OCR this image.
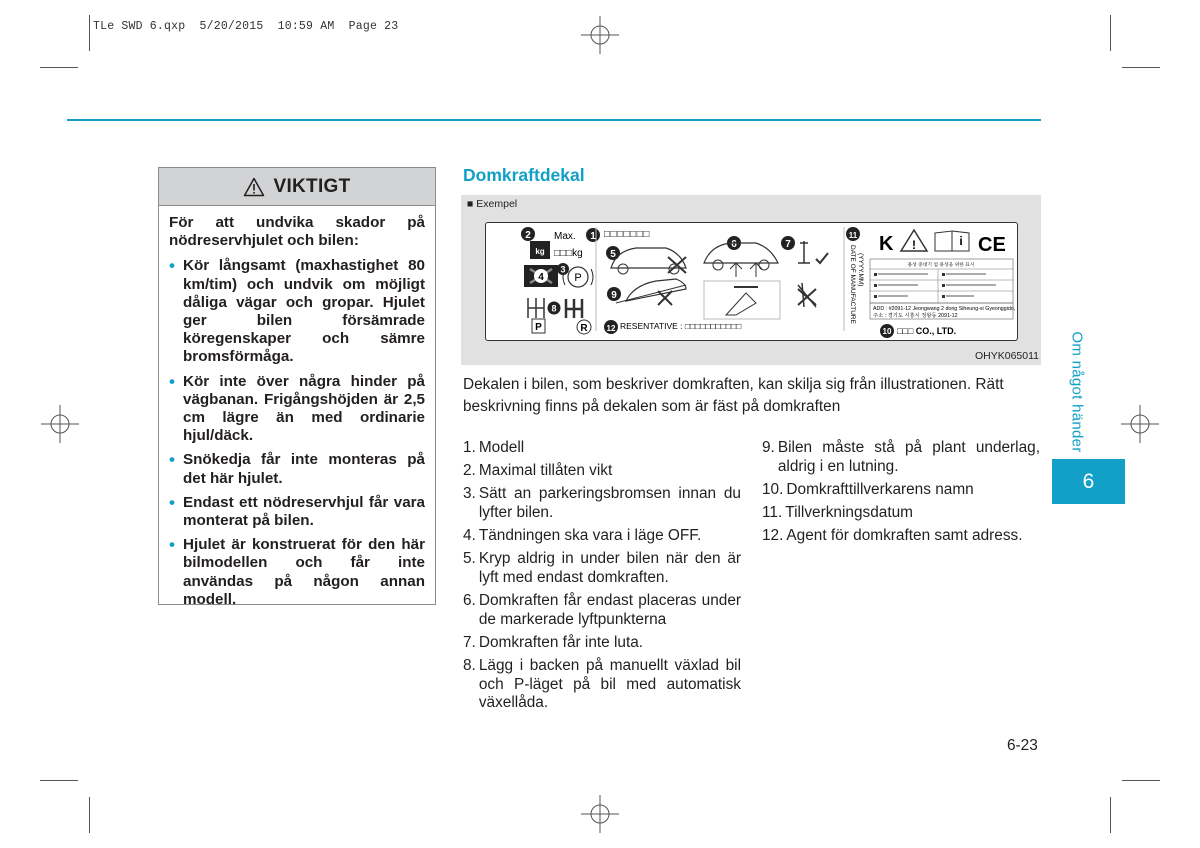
TLe SWD 6.qxp  5/20/2015  10:59 AM  Page 23
VIKTIGT
För att undvika skador på nödreservhjulet och bilen:
• Kör långsamt (maxhastighet 80 km/tim) och undvik om möjligt dåliga vägar och gropar. Hjulet ger bilen försämrade köregenskaper och sämre bromsförmåga.
• Kör inte över några hinder på vägbanan. Frigångshöjden är 2,5 cm lägre än med ordinarie hjul/däck.
• Snökedja får inte monteras på det här hjulet.
• Endast ett nödreservhjul får vara monterat på bilen.
• Hjulet är konstruerat för den här bilmodellen och får inte användas på någon annan modell.
Domkraftdekal
■ Exempel
OHYK065011
2 Max. 1 □□□□□□□
kg □□□kg
4	P
3
8
P	R
5
9
6	7
12 RESENTATIVE : □□□□□□□□□□□
11
DATE OF MANUFACTURE (YYYY.MM)
K !	i CE
용성 중대기 업 용성을 위한 표시
ADD : #2091-12 Jeongwang 2 dong Siheung-si Gyeonggido,
주소 : 경기도 시흥시 정왕동 2091-12
10 □□□ CO., LTD.
Dekalen i bilen, som beskriver domkraften, kan skilja sig från illustrationen. Rätt beskrivning finns på dekalen som är fäst på domkraften
1. Modell
2. Maximal tillåten vikt
3. Sätt an parkeringsbromsen innan du lyfter bilen.
4. Tändningen ska vara i läge OFF.
5. Kryp aldrig in under bilen när den är lyft med endast domkraften.
6. Domkraften får endast placeras under de markerade lyftpunkterna
7. Domkraften får inte luta.
8. Lägg i backen på manuellt växlad bil och P-läget på bil med automatisk växellåda.
9. Bilen måste stå på plant underlag, aldrig i en lutning.
10. Domkrafttillverkarens namn
11. Tillverkningsdatum
12. Agent för domkraften samt adress.
Om något händer
6
6-23
